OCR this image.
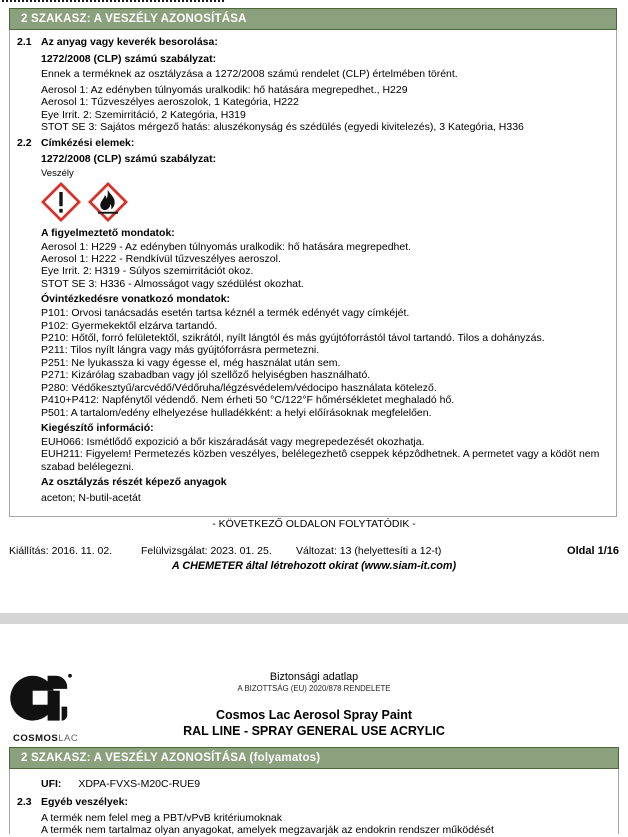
2 SZAKASZ: A VESZÉLY AZONOSÍTÁSA
2.1 Az anyag vagy keverék besorolása:
1272/2008 (CLP) számú szabályzat:
Ennek a terméknek az osztályzása a 1272/2008 számú rendelet (CLP) értelmében törént.
Aerosol 1: Az edényben túlnyomás uralkodik: hő hatására megrepedhet., H229
Aerosol 1: Tűzveszélyes aeroszolok, 1 Kategória, H222
Eye Irrit. 2: Szemirritáció, 2 Kategória, H319
STOT SE 3: Sajátos mérgező hatás: aluszékonyság és szédülés (egyedi kivitelezés), 3 Kategória, H336
2.2 Címkézési elemek:
1272/2008 (CLP) számú szabályzat:
Veszély
A figyelmeztető mondatok:
Aerosol 1: H229 - Az edényben túlnyomás uralkodik: hő hatására megrepedhet.
Aerosol 1: H222 - Rendkívül tűzveszélyes aeroszol.
Eye Irrit. 2: H319 - Súlyos szemirritációt okoz.
STOT SE 3: H336 - Almosságot vagy szédülést okozhat.
Óvintézkedésre vonatkozó mondatok:
P101: Orvosi tanácsadás esetén tartsa kéznél a termék edényét vagy címkéjét.
P102: Gyermekektől elzárva tartandó.
P210: Hőtől, forró felületektől, szikrától, nyílt lángtól és más gyújtóforrástól távol tartandó. Tilos a dohányzás.
P211: Tilos nyílt lángra vagy más gyújtóforrásra permetezni.
P251: Ne lyukassza ki vagy égesse el, még használat után sem.
P271: Kizárólag szabadban vagy jól szellőző helyiségben használható.
P280: Védőkesztyű/arcvédő/Védőruha/légzésvédelem/védocipo használata kötelező.
P410+P412: Napfénytől védendő. Nem érheti 50 °C/122°F hőmérsékletet meghaladó hő.
P501: A tartalom/edény elhelyezése hulladékként: a helyi előírásoknak megfelelően.
Kiegészítő információ:
EUH066: Ismétlődő expozició a bőr kiszáradását vagy megrepedezését okozhatja.
EUH211: Figyelem! Permetezés közben veszélyes, belélegezhetô cseppek képzôdhetnek. A permetet vagy a ködöt nem szabad belélegezni.
Az osztályzás részét képező anyagok
aceton; N-butil-acetát
- KÖVETKEZŐ OLDALON FOLYTATÓDIK -
Kiállítás: 2016. 11. 02.	Felülvizsgálat: 2023. 01. 25. Változat: 13 (helyettesíti a 12-t)	Oldal 1/16
A CHEMETER által létrehozott okirat (www.siam-it.com)
COSMOSLAC
Biztonsági adatlap
A BIZOTTSÁG (EU) 2020/878 RENDELETE
Cosmos Lac Aerosol Spray Paint
RAL LINE - SPRAY GENERAL USE ACRYLIC
2 SZAKASZ: A VESZÉLY AZONOSÍTÁSA (folyamatos)
UFI: XDPA-FVXS-M20C-RUE9
2.3 Egyéb veszélyek:
A termék nem felel meg a PBT/vPvB kritériumoknak
A termék nem tartalmaz olyan anyagokat, amelyek megzavarják az endokrin rendszer működését
